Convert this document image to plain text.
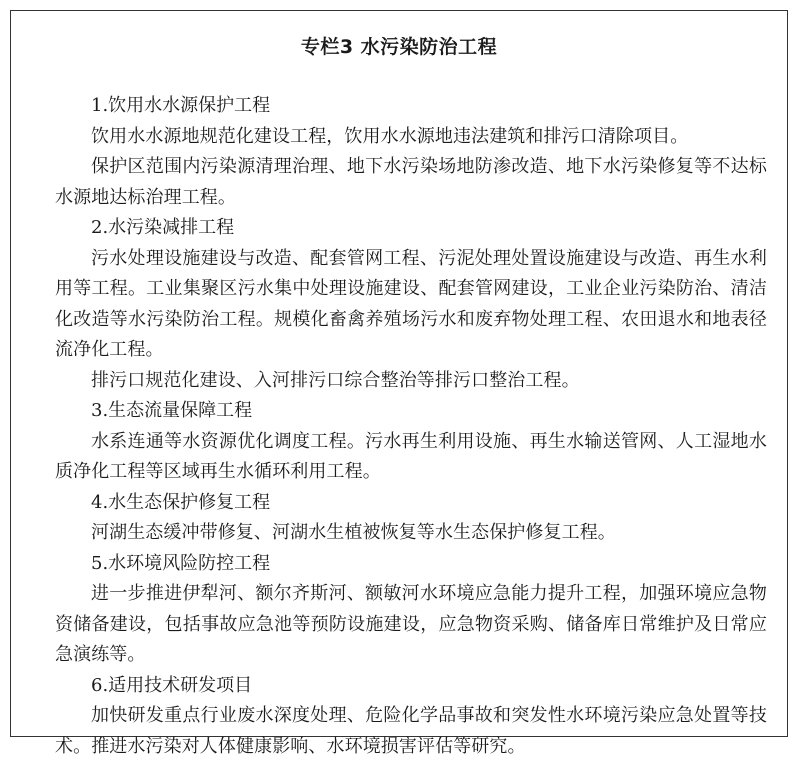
专栏3 水污染防治工程

1.饮用水水源保护工程

饮用水水源地规范化建设工程，饮用水水源地违法建筑和排污口清除项目。

保护区范围内污染源清理治理、地下水污染场地防渗改造、地下水污染修复等不达标水源地达标治理工程。

2.水污染减排工程

污水处理设施建设与改造、配套管网工程、污泥处理处置设施建设与改造、再生水利用等工程。工业集聚区污水集中处理设施建设、配套管网建设，工业企业污染防治、清洁化改造等水污染防治工程。规模化畜禽养殖场污水和废弃物处理工程、农田退水和地表径流净化工程。

排污口规范化建设、入河排污口综合整治等排污口整治工程。

3.生态流量保障工程

水系连通等水资源优化调度工程。污水再生利用设施、再生水输送管网、人工湿地水质净化工程等区域再生水循环利用工程。

4.水生态保护修复工程

河湖生态缓冲带修复、河湖水生植被恢复等水生态保护修复工程。

5.水环境风险防控工程

进一步推进伊犁河、额尔齐斯河、额敏河水环境应急能力提升工程，加强环境应急物资储备建设，包括事故应急池等预防设施建设，应急物资采购、储备库日常维护及日常应急演练等。

6.适用技术研发项目

加快研发重点行业废水深度处理、危险化学品事故和突发性水环境污染应急处置等技术。推进水污染对人体健康影响、水环境损害评估等研究。
